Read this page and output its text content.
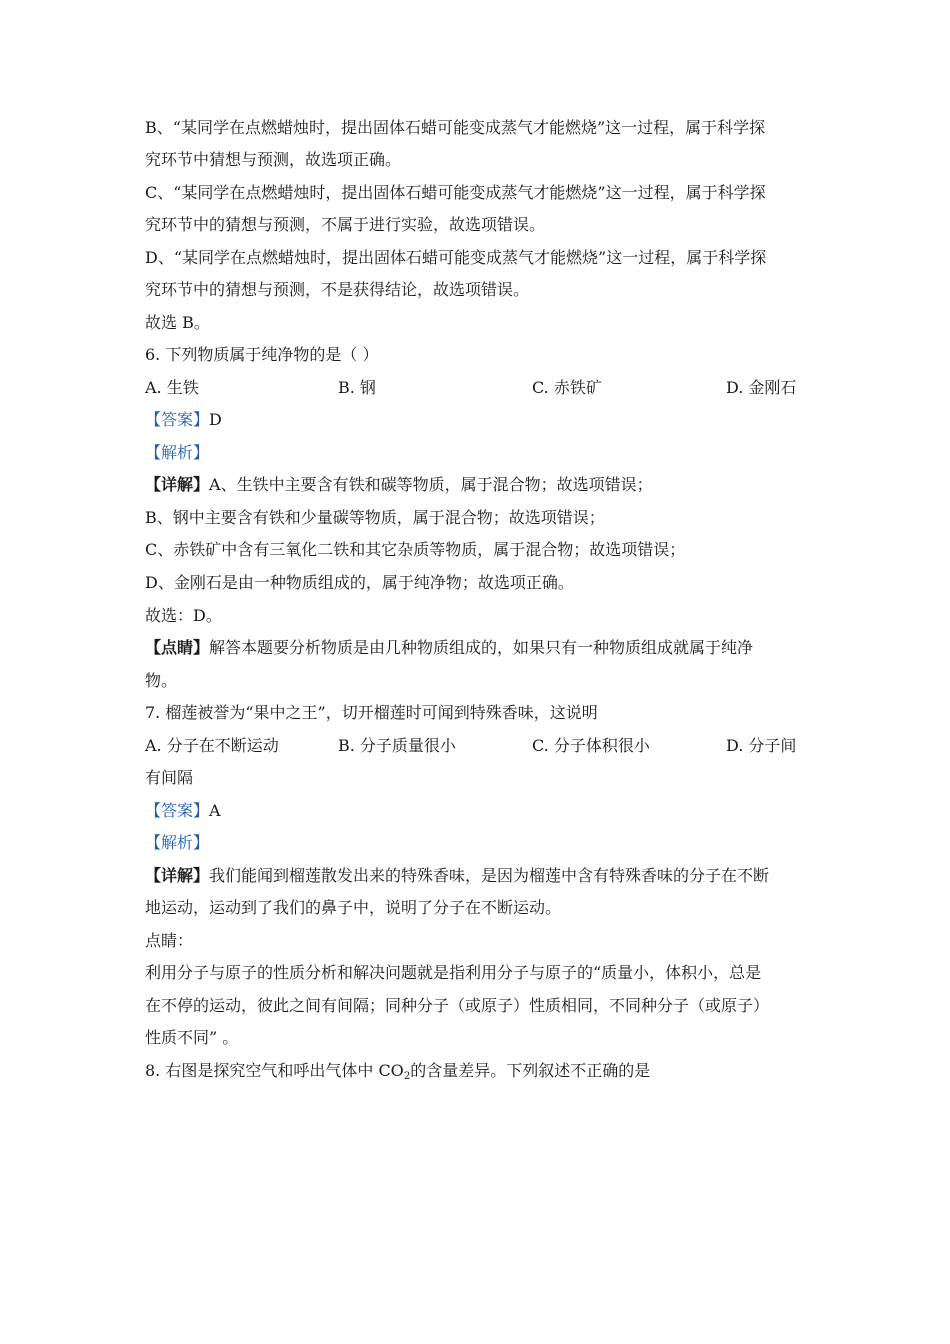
B、“某同学在点燃蜡烛时，提出固体石蜡可能变成蒸气才能燃烧”这一过程，属于科学探
究环节中猜想与预测，故选项正确。
C、“某同学在点燃蜡烛时，提出固体石蜡可能变成蒸气才能燃烧”这一过程，属于科学探
究环节中的猜想与预测，不属于进行实验，故选项错误。
D、“某同学在点燃蜡烛时，提出固体石蜡可能变成蒸气才能燃烧”这一过程，属于科学探
究环节中的猜想与预测，不是获得结论，故选项错误。
故选 B。
6. 下列物质属于纯净物的是（ ）
A. 生铁	B. 钢	C. 赤铁矿	D. 金刚石
【答案】D
【解析】
【详解】A、生铁中主要含有铁和碳等物质，属于混合物；故选项错误；
B、钢中主要含有铁和少量碳等物质，属于混合物；故选项错误；
C、赤铁矿中含有三氧化二铁和其它杂质等物质，属于混合物；故选项错误；
D、金刚石是由一种物质组成的，属于纯净物；故选项正确。
故选：D。
【点睛】解答本题要分析物质是由几种物质组成的，如果只有一种物质组成就属于纯净
物。
7. 榴莲被誉为“果中之王”，切开榴莲时可闻到特殊香味，这说明
A. 分子在不断运动	B. 分子质量很小	C. 分子体积很小	D. 分子间
有间隔
【答案】A
【解析】
【详解】我们能闻到榴莲散发出来的特殊香味，是因为榴莲中含有特殊香味的分子在不断
地运动，运动到了我们的鼻子中，说明了分子在不断运动。
点睛：
利用分子与原子的性质分析和解决问题就是指利用分子与原子的“质量小，体积小，总是
在不停的运动，彼此之间有间隔；同种分子（或原子）性质相同，不同种分子（或原子）
性质不同” 。
8. 右图是探究空气和呼出气体中 $CO_2$的含量差异。下列叙述不正确的是
